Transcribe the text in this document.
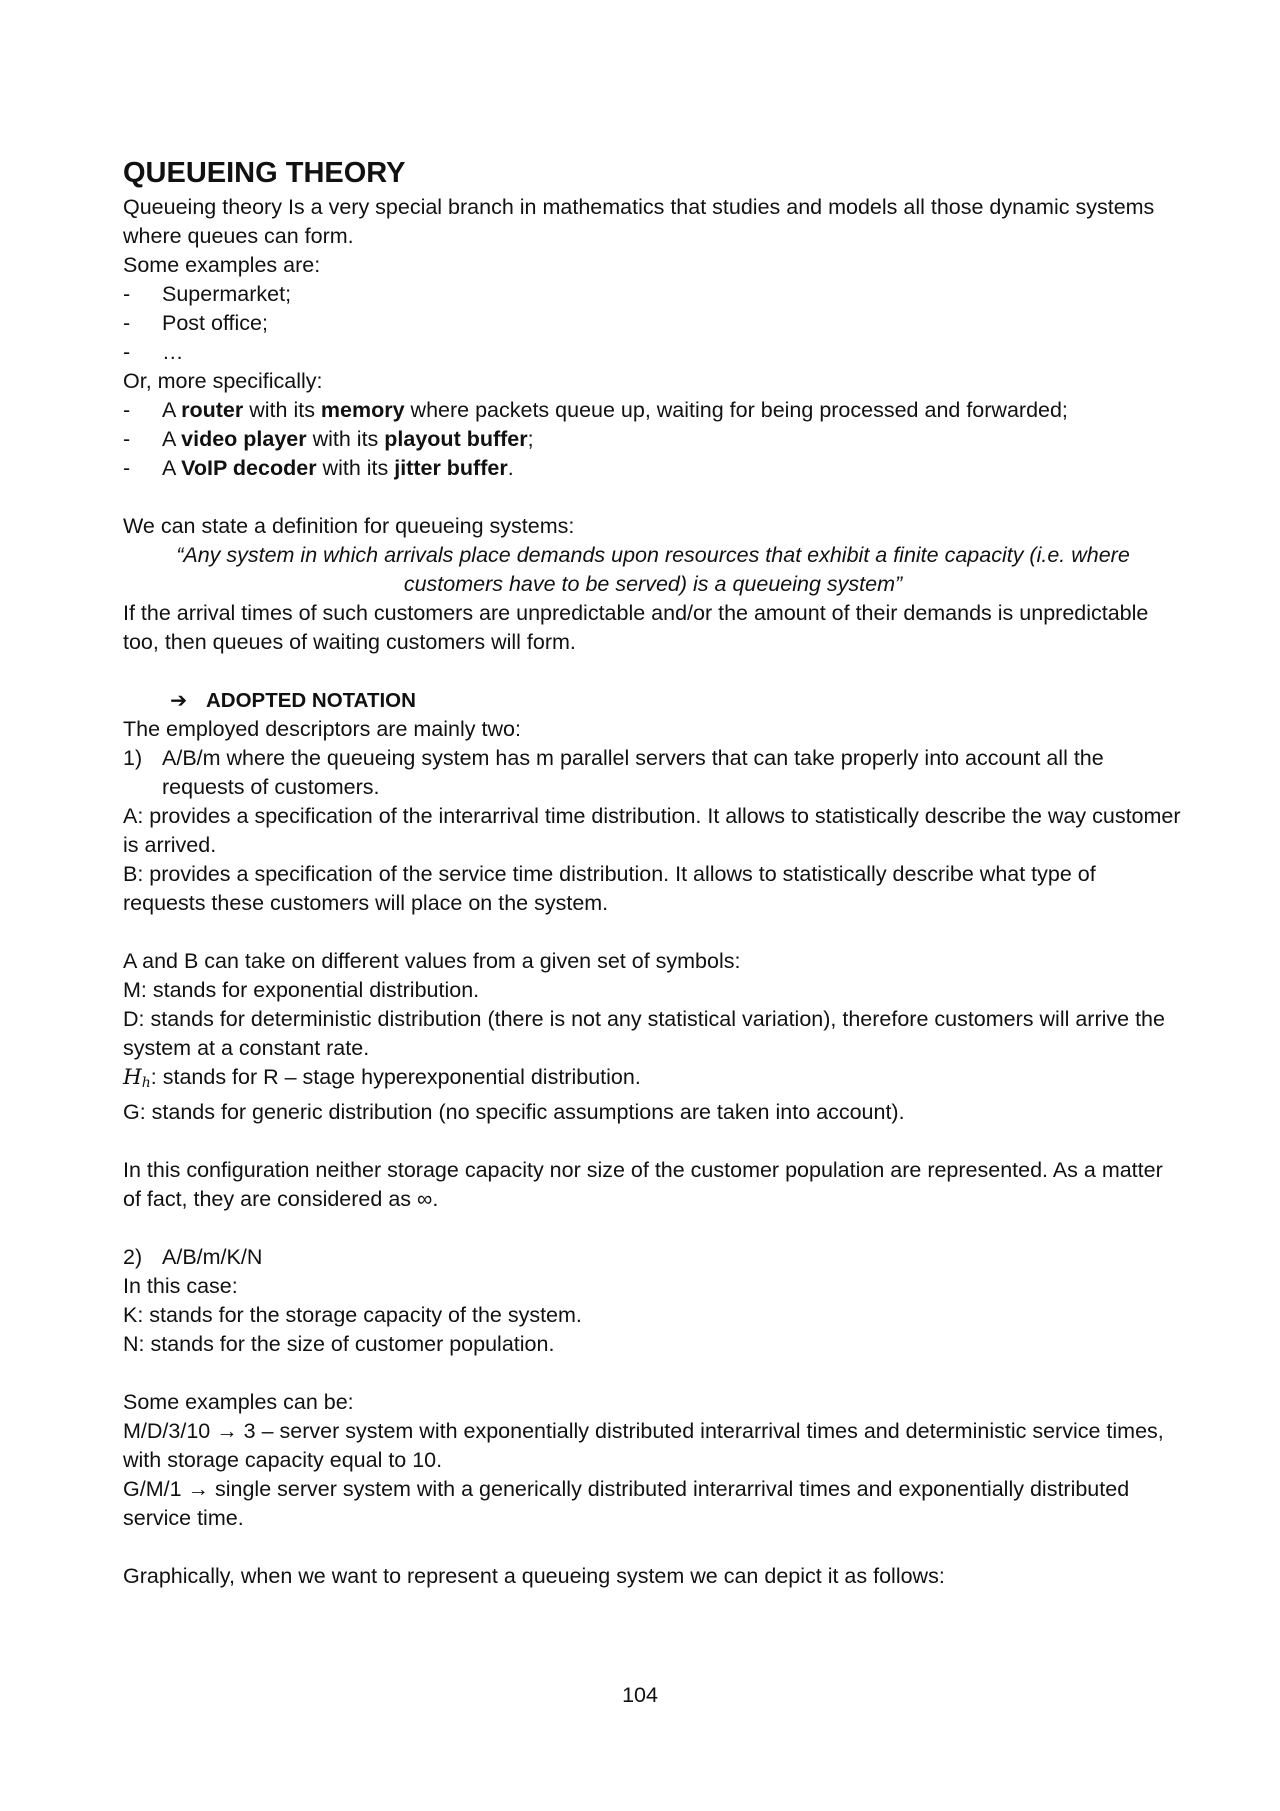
QUEUEING THEORY

Queueing theory Is a very special branch in mathematics that studies and models all those dynamic systems where queues can form.

Some examples are:

-	Supermarket;
-	Post office;
-	…

Or, more specifically:

-	A router with its memory where packets queue up, waiting for being processed and forwarded;
-	A video player with its playout buffer;
-	A VoIP decoder with its jitter buffer.

We can state a definition for queueing systems:

“Any system in which arrivals place demands upon resources that exhibit a finite capacity (i.e. where customers have to be served) is a queueing system”

If the arrival times of such customers are unpredictable and/or the amount of their demands is unpredictable too, then queues of waiting customers will form.

➔ ADOPTED NOTATION

The employed descriptors are mainly two:

1) A/B/m where the queueing system has m parallel servers that can take properly into account all the requests of customers.

A: provides a specification of the interarrival time distribution. It allows to statistically describe the way customer is arrived.

B: provides a specification of the service time distribution. It allows to statistically describe what type of requests these customers will place on the system.

A and B can take on different values from a given set of symbols:

M: stands for exponential distribution.

D: stands for deterministic distribution (there is not any statistical variation), therefore customers will arrive the system at a constant rate.

$H_h$: stands for R – stage hyperexponential distribution.

G: stands for generic distribution (no specific assumptions are taken into account).

In this configuration neither storage capacity nor size of the customer population are represented. As a matter of fact, they are considered as ∞.

2) A/B/m/K/N

In this case:

K: stands for the storage capacity of the system.

N: stands for the size of customer population.

Some examples can be:

M/D/3/10 → 3 – server system with exponentially distributed interarrival times and deterministic service times, with storage capacity equal to 10.

G/M/1 → single server system with a generically distributed interarrival times and exponentially distributed service time.

Graphically, when we want to represent a queueing system we can depict it as follows:

104
